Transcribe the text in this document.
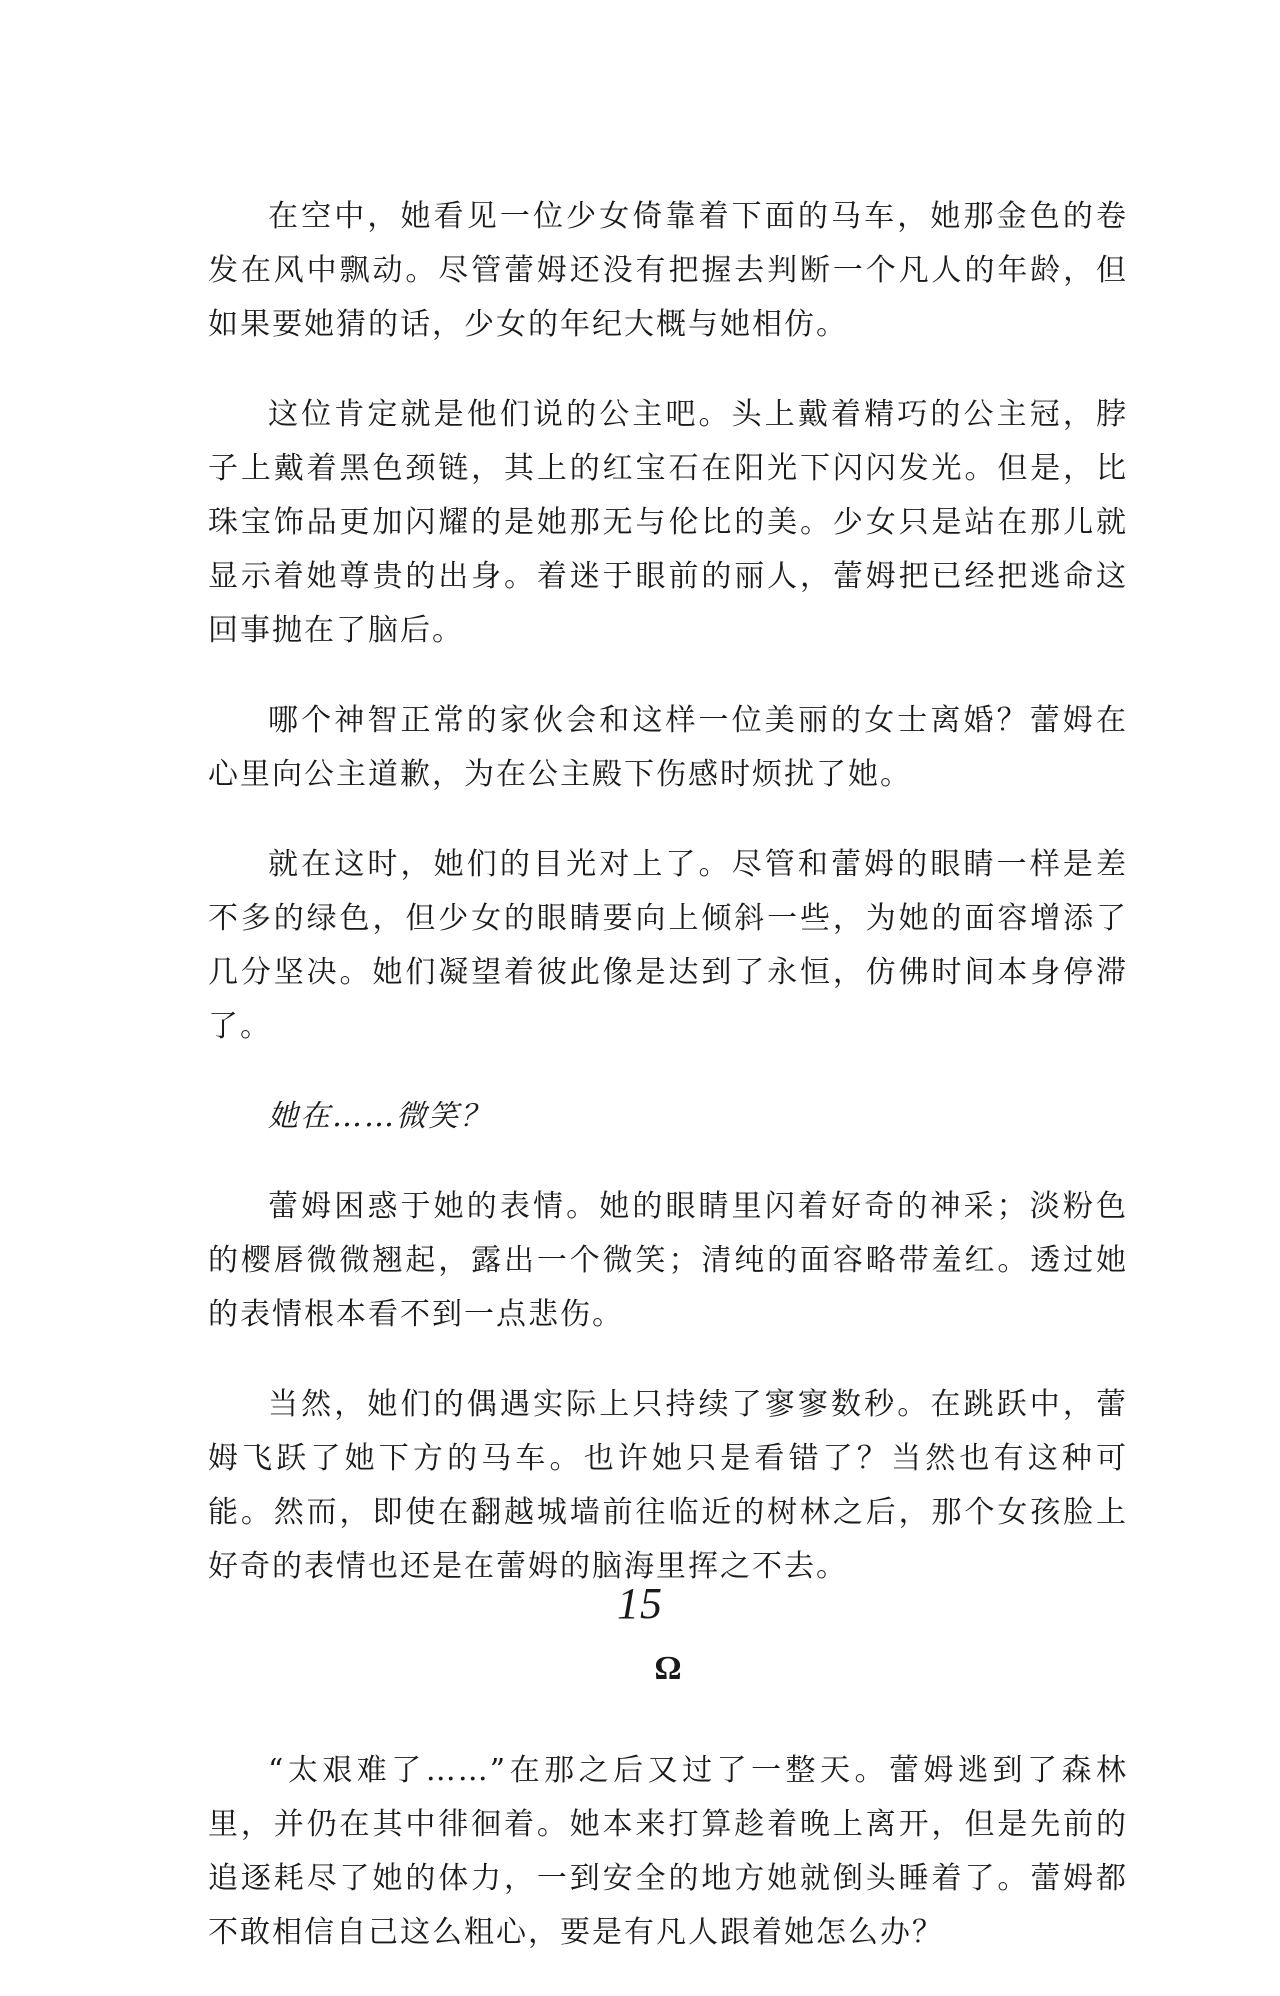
在空中，她看见一位少女倚靠着下面的马车，她那金色的卷发在风中飘动。尽管蕾姆还没有把握去判断一个凡人的年龄，但如果要她猜的话，少女的年纪大概与她相仿。

这位肯定就是他们说的公主吧。头上戴着精巧的公主冠，脖子上戴着黑色颈链，其上的红宝石在阳光下闪闪发光。但是，比珠宝饰品更加闪耀的是她那无与伦比的美。少女只是站在那儿就显示着她尊贵的出身。着迷于眼前的丽人，蕾姆把已经把逃命这回事抛在了脑后。

哪个神智正常的家伙会和这样一位美丽的女士离婚？蕾姆在心里向公主道歉，为在公主殿下伤感时烦扰了她。

就在这时，她们的目光对上了。尽管和蕾姆的眼睛一样是差不多的绿色，但少女的眼睛要向上倾斜一些，为她的面容增添了几分坚决。她们凝望着彼此像是达到了永恒，仿佛时间本身停滞了。

她在……微笑？

蕾姆困惑于她的表情。她的眼睛里闪着好奇的神采；淡粉色的樱唇微微翘起，露出一个微笑；清纯的面容略带羞红。透过她的表情根本看不到一点悲伤。

当然，她们的偶遇实际上只持续了寥寥数秒。在跳跃中，蕾姆飞跃了她下方的马车。也许她只是看错了？当然也有这种可能。然而，即使在翻越城墙前往临近的树林之后，那个女孩脸上好奇的表情也还是在蕾姆的脑海里挥之不去。

Ω

“太艰难了……”在那之后又过了一整天。蕾姆逃到了森林里，并仍在其中徘徊着。她本来打算趁着晚上离开，但是先前的追逐耗尽了她的体力，一到安全的地方她就倒头睡着了。蕾姆都不敢相信自己这么粗心，要是有凡人跟着她怎么办？

15
